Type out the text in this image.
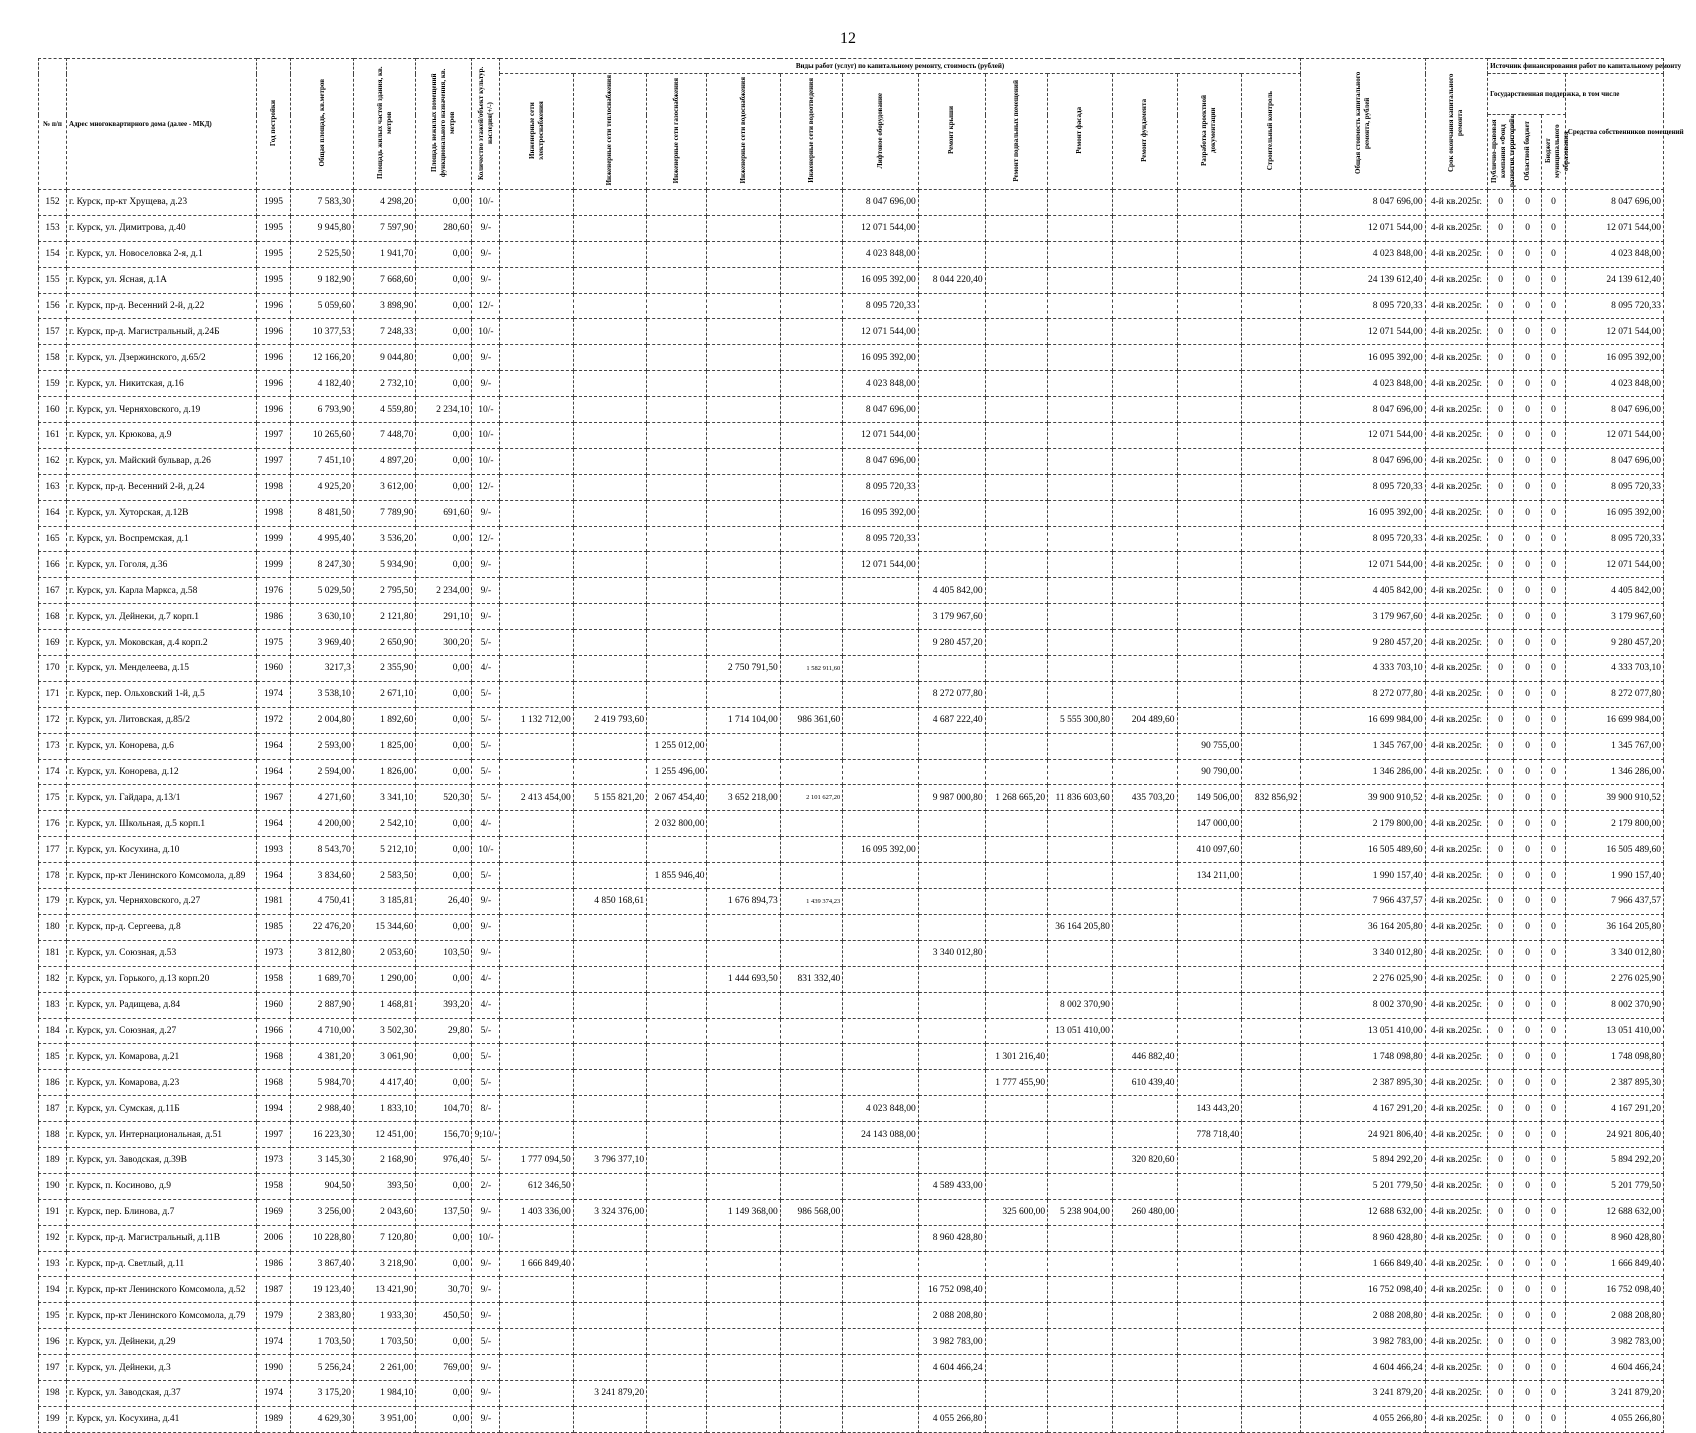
12
№ п/п	Адрес многоквартирного дома (далее - МКД)	Год постройки	Общая площадь, кв.метров	Площадь жилых частей здания, кв. метров	Площадь нежилых помещений функционального назначения, кв. метров	Количество этажей/объект культур. наследия(+/-)	Виды работ (услуг) по капитальному ремонту, стоимость (рублей)												Общая стоимость капитального ремонта, рублей	Срок окончания капитального ремонта	Источник финансирования работ по капитальному ремонту			
							Инженерные сети электроснабжения	Инженерные сети теплоснабжения	Инженерные сети газоснабжения	Инженерные сети водоснабжения	Инженерные сети водоотведения	Лифтовое оборудование	Ремонт крыши	Ремонт подвальных помещений	Ремонт фасада	Ремонт фундамента	Разработка проектной документации	Строительный контроль			Государственная поддержка, в том числе			Средства собственников помещений
																					Публично-правовая компания «Фонд развития территорий»	Областной бюджет	Бюджет муниципального образования	
152	г. Курск, пр-кт Хрущева, д.23	1995	7 583,30	4 298,20	0,00	10/-						8 047 696,00							8 047 696,00	4-й кв.2025г.	0	0	0	8 047 696,00
153	г. Курск, ул. Димитрова, д.40	1995	9 945,80	7 597,90	280,60	9/-						12 071 544,00							12 071 544,00	4-й кв.2025г.	0	0	0	12 071 544,00
154	г. Курск, ул. Новоселовка 2-я, д.1	1995	2 525,50	1 941,70	0,00	9/-						4 023 848,00							4 023 848,00	4-й кв.2025г.	0	0	0	4 023 848,00
155	г. Курск, ул. Ясная, д.1А	1995	9 182,90	7 668,60	0,00	9/-						16 095 392,00	8 044 220,40						24 139 612,40	4-й кв.2025г.	0	0	0	24 139 612,40
156	г. Курск, пр-д. Весенний 2-й, д.22	1996	5 059,60	3 898,90	0,00	12/-						8 095 720,33							8 095 720,33	4-й кв.2025г.	0	0	0	8 095 720,33
157	г. Курск, пр-д. Магистральный, д.24Б	1996	10 377,53	7 248,33	0,00	10/-						12 071 544,00							12 071 544,00	4-й кв.2025г.	0	0	0	12 071 544,00
158	г. Курск, ул. Дзержинского, д.65/2	1996	12 166,20	9 044,80	0,00	9/-						16 095 392,00							16 095 392,00	4-й кв.2025г.	0	0	0	16 095 392,00
159	г. Курск, ул. Никитская, д.16	1996	4 182,40	2 732,10	0,00	9/-						4 023 848,00							4 023 848,00	4-й кв.2025г.	0	0	0	4 023 848,00
160	г. Курск, ул. Черняховского, д.19	1996	6 793,90	4 559,80	2 234,10	10/-						8 047 696,00							8 047 696,00	4-й кв.2025г.	0	0	0	8 047 696,00
161	г. Курск, ул. Крюкова, д.9	1997	10 265,60	7 448,70	0,00	10/-						12 071 544,00							12 071 544,00	4-й кв.2025г.	0	0	0	12 071 544,00
162	г. Курск, ул. Майский бульвар, д.26	1997	7 451,10	4 897,20	0,00	10/-						8 047 696,00							8 047 696,00	4-й кв.2025г.	0	0	0	8 047 696,00
163	г. Курск, пр-д. Весенний 2-й, д.24	1998	4 925,20	3 612,00	0,00	12/-						8 095 720,33							8 095 720,33	4-й кв.2025г.	0	0	0	8 095 720,33
164	г. Курск, ул. Хуторская, д.12В	1998	8 481,50	7 789,90	691,60	9/-						16 095 392,00							16 095 392,00	4-й кв.2025г.	0	0	0	16 095 392,00
165	г. Курск, ул. Воспремская, д.1	1999	4 995,40	3 536,20	0,00	12/-						8 095 720,33							8 095 720,33	4-й кв.2025г.	0	0	0	8 095 720,33
166	г. Курск, ул. Гоголя, д.36	1999	8 247,30	5 934,90	0,00	9/-						12 071 544,00							12 071 544,00	4-й кв.2025г.	0	0	0	12 071 544,00
167	г. Курск, ул. Карла Маркса, д.58	1976	5 029,50	2 795,50	2 234,00	9/-							4 405 842,00						4 405 842,00	4-й кв.2025г.	0	0	0	4 405 842,00
168	г. Курск, ул. Дейнеки, д.7 корп.1	1986	3 630,10	2 121,80	291,10	9/-							3 179 967,60						3 179 967,60	4-й кв.2025г.	0	0	0	3 179 967,60
169	г. Курск, ул. Моковская, д.4 корп.2	1975	3 969,40	2 650,90	300,20	5/-							9 280 457,20						9 280 457,20	4-й кв.2025г.	0	0	0	9 280 457,20
170	г. Курск, ул. Менделеева, д.15	1960	3217,3	2 355,90	0,00	4/-				2 750 791,50	1 582 911,60								4 333 703,10	4-й кв.2025г.	0	0	0	4 333 703,10
171	г. Курск, пер. Ольховский 1-й, д.5	1974	3 538,10	2 671,10	0,00	5/-							8 272 077,80						8 272 077,80	4-й кв.2025г.	0	0	0	8 272 077,80
172	г. Курск, ул. Литовская, д.85/2	1972	2 004,80	1 892,60	0,00	5/-	1 132 712,00	2 419 793,60		1 714 104,00	986 361,60		4 687 222,40		5 555 300,80	204 489,60			16 699 984,00	4-й кв.2025г.	0	0	0	16 699 984,00
173	г. Курск, ул. Конорева, д.6	1964	2 593,00	1 825,00	0,00	5/-			1 255 012,00								90 755,00		1 345 767,00	4-й кв.2025г.	0	0	0	1 345 767,00
174	г. Курск, ул. Конорева, д.12	1964	2 594,00	1 826,00	0,00	5/-			1 255 496,00								90 790,00		1 346 286,00	4-й кв.2025г.	0	0	0	1 346 286,00
175	г. Курск, ул. Гайдара, д.13/1	1967	4 271,60	3 341,10	520,30	5/-	2 413 454,00	5 155 821,20	2 067 454,40	3 652 218,00	2 101 627,20		9 987 000,80	1 268 665,20	11 836 603,60	435 703,20	149 506,00	832 856,92	39 900 910,52	4-й кв.2025г.	0	0	0	39 900 910,52
176	г. Курск, ул. Школьная, д.5 корп.1	1964	4 200,00	2 542,10	0,00	4/-			2 032 800,00								147 000,00		2 179 800,00	4-й кв.2025г.	0	0	0	2 179 800,00
177	г. Курск, ул. Косухина, д.10	1993	8 543,70	5 212,10	0,00	10/-						16 095 392,00					410 097,60		16 505 489,60	4-й кв.2025г.	0	0	0	16 505 489,60
178	г. Курск, пр-кт Ленинского Комсомола, д.89	1964	3 834,60	2 583,50	0,00	5/-			1 855 946,40								134 211,00		1 990 157,40	4-й кв.2025г.	0	0	0	1 990 157,40
179	г. Курск, ул. Черняховского, д.27	1981	4 750,41	3 185,81	26,40	9/-		4 850 168,61		1 676 894,73	1 439 374,23								7 966 437,57	4-й кв.2025г.	0	0	0	7 966 437,57
180	г. Курск, пр-д. Сергеева, д.8	1985	22 476,20	15 344,60	0,00	9/-									36 164 205,80				36 164 205,80	4-й кв.2025г.	0	0	0	36 164 205,80
181	г. Курск, ул. Союзная, д.53	1973	3 812,80	2 053,60	103,50	9/-							3 340 012,80						3 340 012,80	4-й кв.2025г.	0	0	0	3 340 012,80
182	г. Курск, ул. Горького, д.13 корп.20	1958	1 689,70	1 290,00	0,00	4/-				1 444 693,50	831 332,40								2 276 025,90	4-й кв.2025г.	0	0	0	2 276 025,90
183	г. Курск, ул. Радищева, д.84	1960	2 887,90	1 468,81	393,20	4/-									8 002 370,90				8 002 370,90	4-й кв.2025г.	0	0	0	8 002 370,90
184	г. Курск, ул. Союзная, д.27	1966	4 710,00	3 502,30	29,80	5/-									13 051 410,00				13 051 410,00	4-й кв.2025г.	0	0	0	13 051 410,00
185	г. Курск, ул. Комарова, д.21	1968	4 381,20	3 061,90	0,00	5/-								1 301 216,40		446 882,40			1 748 098,80	4-й кв.2025г.	0	0	0	1 748 098,80
186	г. Курск, ул. Комарова, д.23	1968	5 984,70	4 417,40	0,00	5/-								1 777 455,90		610 439,40			2 387 895,30	4-й кв.2025г.	0	0	0	2 387 895,30
187	г. Курск, ул. Сумская, д.11Б	1994	2 988,40	1 833,10	104,70	8/-						4 023 848,00					143 443,20		4 167 291,20	4-й кв.2025г.	0	0	0	4 167 291,20
188	г. Курск, ул. Интернациональная, д.51	1997	16 223,30	12 451,00	156,70	9;10/-						24 143 088,00					778 718,40		24 921 806,40	4-й кв.2025г.	0	0	0	24 921 806,40
189	г. Курск, ул. Заводская, д.39В	1973	3 145,30	2 168,90	976,40	5/-	1 777 094,50	3 796 377,10								320 820,60			5 894 292,20	4-й кв.2025г.	0	0	0	5 894 292,20
190	г. Курск, п. Косиново, д.9	1958	904,50	393,50	0,00	2/-	612 346,50						4 589 433,00						5 201 779,50	4-й кв.2025г.	0	0	0	5 201 779,50
191	г. Курск, пер. Блинова, д.7	1969	3 256,00	2 043,60	137,50	9/-	1 403 336,00	3 324 376,00		1 149 368,00	986 568,00			325 600,00	5 238 904,00	260 480,00			12 688 632,00	4-й кв.2025г.	0	0	0	12 688 632,00
192	г. Курск, пр-д. Магистральный, д.11В	2006	10 228,80	7 120,80	0,00	10/-							8 960 428,80						8 960 428,80	4-й кв.2025г.	0	0	0	8 960 428,80
193	г. Курск, пр-д. Светлый, д.11	1986	3 867,40	3 218,90	0,00	9/-	1 666 849,40												1 666 849,40	4-й кв.2025г.	0	0	0	1 666 849,40
194	г. Курск, пр-кт Ленинского Комсомола, д.52	1987	19 123,40	13 421,90	30,70	9/-							16 752 098,40						16 752 098,40	4-й кв.2025г.	0	0	0	16 752 098,40
195	г. Курск, пр-кт Ленинского Комсомола, д.79	1979	2 383,80	1 933,30	450,50	9/-							2 088 208,80						2 088 208,80	4-й кв.2025г.	0	0	0	2 088 208,80
196	г. Курск, ул. Дейнеки, д.29	1974	1 703,50	1 703,50	0,00	5/-							3 982 783,00						3 982 783,00	4-й кв.2025г.	0	0	0	3 982 783,00
197	г. Курск, ул. Дейнеки, д.3	1990	5 256,24	2 261,00	769,00	9/-							4 604 466,24						4 604 466,24	4-й кв.2025г.	0	0	0	4 604 466,24
198	г. Курск, ул. Заводская, д.37	1974	3 175,20	1 984,10	0,00	9/-		3 241 879,20											3 241 879,20	4-й кв.2025г.	0	0	0	3 241 879,20
199	г. Курск, ул. Косухина, д.41	1989	4 629,30	3 951,00	0,00	9/-							4 055 266,80						4 055 266,80	4-й кв.2025г.	0	0	0	4 055 266,80
